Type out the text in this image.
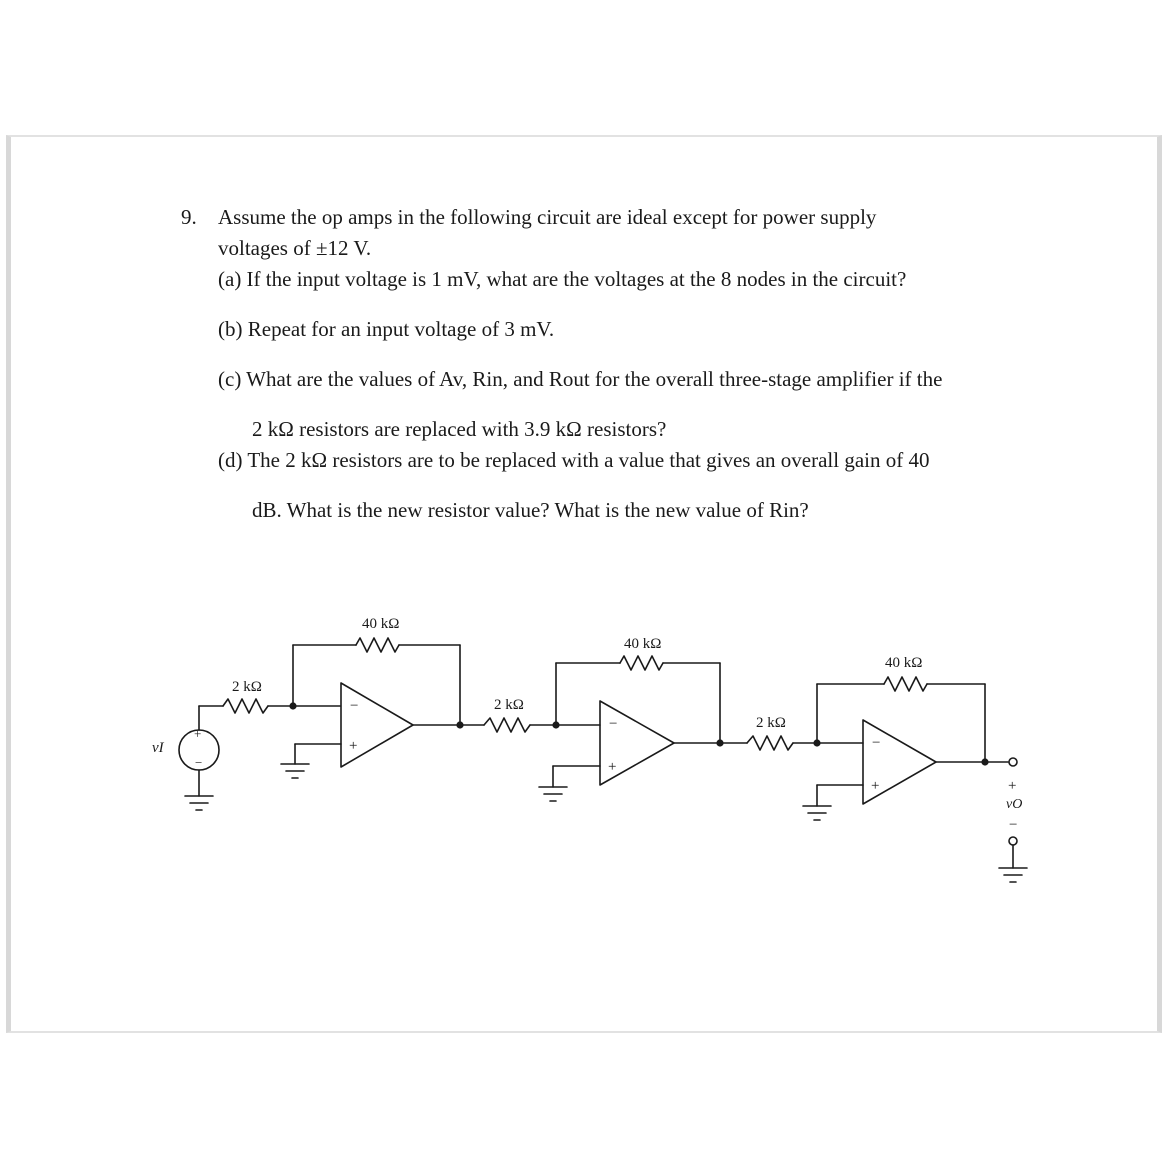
9. Assume the op amps in the following circuit are ideal except for power supply
voltages of ±12 V.
(a) If the input voltage is 1 mV, what are the voltages at the 8 nodes in the circuit?
(b) Repeat for an input voltage of 3 mV.
(c) What are the values of Av, Rin, and Rout for the overall three-stage amplifier if the
2 kΩ resistors are replaced with 3.9 kΩ resistors?
(d) The 2 kΩ resistors are to be replaced with a value that gives an overall gain of 40
dB. What is the new resistor value? What is the new value of Rin?
2 kΩ
40 kΩ
−
+
2 kΩ
40 kΩ
−
+
2 kΩ
40 kΩ
−
+
vI
+
−
+
vO
−
